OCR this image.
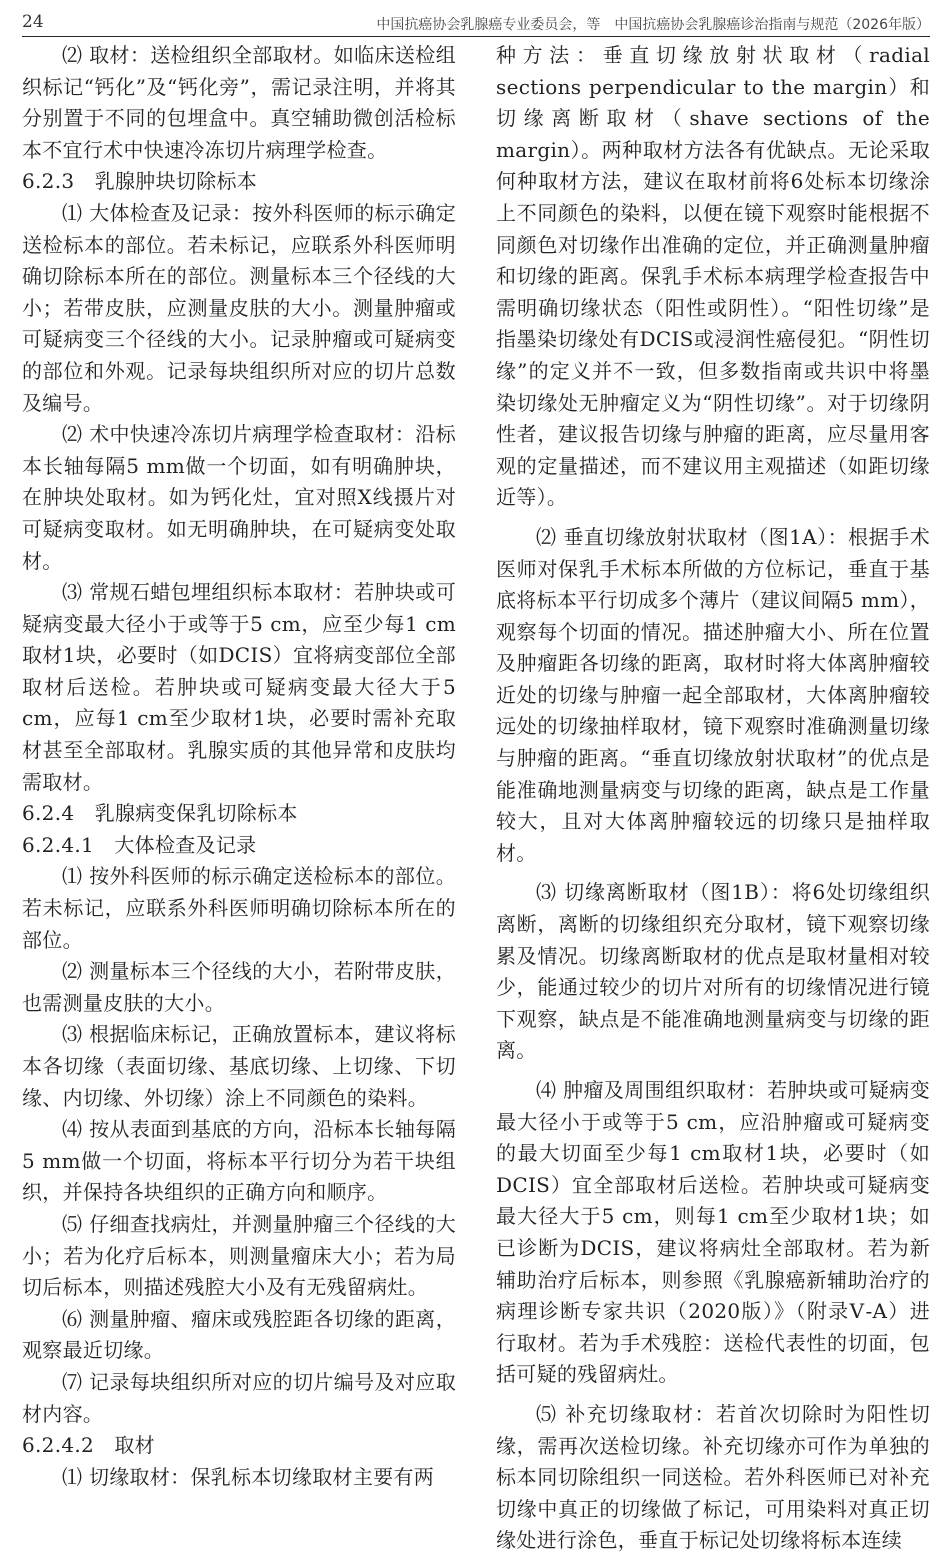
24	中国抗癌协会乳腺癌专业委员会，等　中国抗癌协会乳腺癌诊治指南与规范（2026年版）

⑵ 取材：送检组织全部取材。如临床送检组织标记“钙化”及“钙化旁”，需记录注明，并将其分别置于不同的包埋盒中。真空辅助微创活检标本不宜行术中快速冷冻切片病理学检查。

6.2.3　乳腺肿块切除标本

⑴ 大体检查及记录：按外科医师的标示确定送检标本的部位。若未标记，应联系外科医师明确切除标本所在的部位。测量标本三个径线的大小；若带皮肤，应测量皮肤的大小。测量肿瘤或可疑病变三个径线的大小。记录肿瘤或可疑病变的部位和外观。记录每块组织所对应的切片总数及编号。

⑵ 术中快速冷冻切片病理学检查取材：沿标本长轴每隔5 mm做一个切面，如有明确肿块，在肿块处取材。如为钙化灶，宜对照X线摄片对可疑病变取材。如无明确肿块，在可疑病变处取材。

⑶ 常规石蜡包埋组织标本取材：若肿块或可疑病变最大径小于或等于5 cm，应至少每1 cm取材1块，必要时（如DCIS）宜将病变部位全部取材后送检。若肿块或可疑病变最大径大于5 cm，应每1 cm至少取材1块，必要时需补充取材甚至全部取材。乳腺实质的其他异常和皮肤均需取材。

6.2.4　乳腺病变保乳切除标本

6.2.4.1　大体检查及记录

⑴ 按外科医师的标示确定送检标本的部位。若未标记，应联系外科医师明确切除标本所在的部位。

⑵ 测量标本三个径线的大小，若附带皮肤，也需测量皮肤的大小。

⑶ 根据临床标记，正确放置标本，建议将标本各切缘（表面切缘、基底切缘、上切缘、下切缘、内切缘、外切缘）涂上不同颜色的染料。

⑷ 按从表面到基底的方向，沿标本长轴每隔5 mm做一个切面，将标本平行切分为若干块组织，并保持各块组织的正确方向和顺序。

⑸ 仔细查找病灶，并测量肿瘤三个径线的大小；若为化疗后标本，则测量瘤床大小；若为局切后标本，则描述残腔大小及有无残留病灶。

⑹ 测量肿瘤、瘤床或残腔距各切缘的距离，观察最近切缘。

⑺ 记录每块组织所对应的切片编号及对应取材内容。

6.2.4.2　取材

⑴ 切缘取材：保乳标本切缘取材主要有两

种方法：垂直切缘放射状取材（radial sections perpendicular to the margin）和切缘离断取材（shave sections of the margin）。两种取材方法各有优缺点。无论采取何种取材方法，建议在取材前将6处标本切缘涂上不同颜色的染料，以便在镜下观察时能根据不同颜色对切缘作出准确的定位，并正确测量肿瘤和切缘的距离。保乳手术标本病理学检查报告中需明确切缘状态（阳性或阴性）。“阳性切缘”是指墨染切缘处有DCIS或浸润性癌侵犯。“阴性切缘”的定义并不一致，但多数指南或共识中将墨染切缘处无肿瘤定义为“阴性切缘”。对于切缘阴性者，建议报告切缘与肿瘤的距离，应尽量用客观的定量描述，而不建议用主观描述（如距切缘近等）。

⑵ 垂直切缘放射状取材（图1A）：根据手术医师对保乳手术标本所做的方位标记，垂直于基底将标本平行切成多个薄片（建议间隔5 mm），观察每个切面的情况。描述肿瘤大小、所在位置及肿瘤距各切缘的距离，取材时将大体离肿瘤较近处的切缘与肿瘤一起全部取材，大体离肿瘤较远处的切缘抽样取材，镜下观察时准确测量切缘与肿瘤的距离。“垂直切缘放射状取材”的优点是能准确地测量病变与切缘的距离，缺点是工作量较大，且对大体离肿瘤较远的切缘只是抽样取材。

⑶ 切缘离断取材（图1B）：将6处切缘组织离断，离断的切缘组织充分取材，镜下观察切缘累及情况。切缘离断取材的优点是取材量相对较少，能通过较少的切片对所有的切缘情况进行镜下观察，缺点是不能准确地测量病变与切缘的距离。

⑷ 肿瘤及周围组织取材：若肿块或可疑病变最大径小于或等于5 cm，应沿肿瘤或可疑病变的最大切面至少每1 cm取材1块，必要时（如DCIS）宜全部取材后送检。若肿块或可疑病变最大径大于5 cm，则每1 cm至少取材1块；如已诊断为DCIS，建议将病灶全部取材。若为新辅助治疗后标本，则参照《乳腺癌新辅助治疗的病理诊断专家共识（2020版）》（附录Ⅴ-A）进行取材。若为手术残腔：送检代表性的切面，包括可疑的残留病灶。

⑸ 补充切缘取材：若首次切除时为阳性切缘，需再次送检切缘。补充切缘亦可作为单独的标本同切除组织一同送检。若外科医师已对补充切缘中真正的切缘做了标记，可用染料对真正切缘处进行涂色，垂直于标记处切缘将标本连续
